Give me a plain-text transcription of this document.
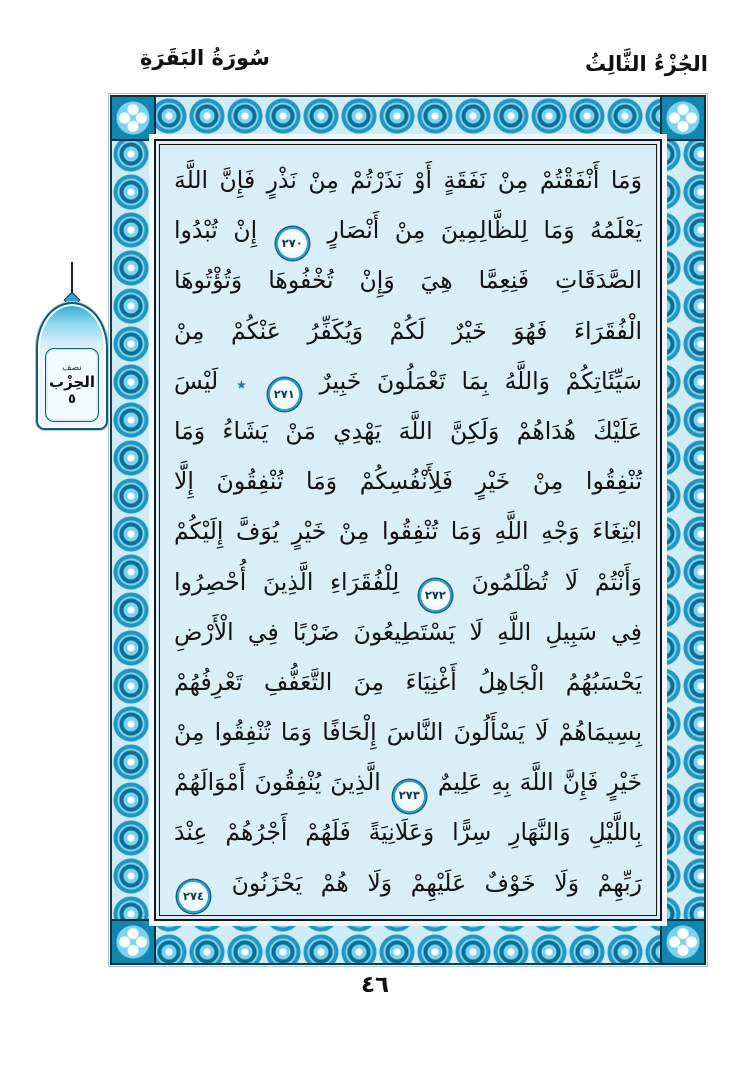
سُورَةُ البَقَرَةِ	الجُزْءُ الثَّالِثُ
وَمَا أَنْفَقْتُمْ مِنْ نَفَقَةٍ أَوْ نَذَرْتُمْ مِنْ نَذْرٍ فَإِنَّ اللَّهَ
يَعْلَمُهُ وَمَا لِلظَّالِمِينَ مِنْ أَنْصَارٍ
٢٧٠
إِنْ تُبْدُوا
الصَّدَقَاتِ فَنِعِمَّا هِيَ وَإِنْ تُخْفُوهَا وَتُؤْتُوهَا
الْفُقَرَاءَ فَهُوَ خَيْرٌ لَكُمْ وَيُكَفِّرُ عَنْكُمْ مِنْ
سَيِّئَاتِكُمْ وَاللَّهُ بِمَا تَعْمَلُونَ خَبِيرٌ
٢٧١
٭ لَيْسَ
عَلَيْكَ هُدَاهُمْ وَلَكِنَّ اللَّهَ يَهْدِي مَنْ يَشَاءُ وَمَا
تُنْفِقُوا مِنْ خَيْرٍ فَلِأَنْفُسِكُمْ وَمَا تُنْفِقُونَ إِلَّا
ابْتِغَاءَ وَجْهِ اللَّهِ وَمَا تُنْفِقُوا مِنْ خَيْرٍ يُوَفَّ إِلَيْكُمْ
وَأَنْتُمْ لَا تُظْلَمُونَ
٢٧٢
لِلْفُقَرَاءِ الَّذِينَ أُحْصِرُوا
فِي سَبِيلِ اللَّهِ لَا يَسْتَطِيعُونَ ضَرْبًا فِي الْأَرْضِ
يَحْسَبُهُمُ الْجَاهِلُ أَغْنِيَاءَ مِنَ التَّعَفُّفِ تَعْرِفُهُمْ
بِسِيمَاهُمْ لَا يَسْأَلُونَ النَّاسَ إِلْحَافًا وَمَا تُنْفِقُوا مِنْ
خَيْرٍ فَإِنَّ اللَّهَ بِهِ عَلِيمٌ
٢٧٣
الَّذِينَ يُنْفِقُونَ أَمْوَالَهُمْ
بِاللَّيْلِ وَالنَّهَارِ سِرًّا وَعَلَانِيَةً فَلَهُمْ أَجْرُهُمْ عِنْدَ
رَبِّهِمْ وَلَا خَوْفٌ عَلَيْهِمْ وَلَا هُمْ يَحْزَنُونَ
٢٧٤
نصف
الحِزْب
٥
٤٦
